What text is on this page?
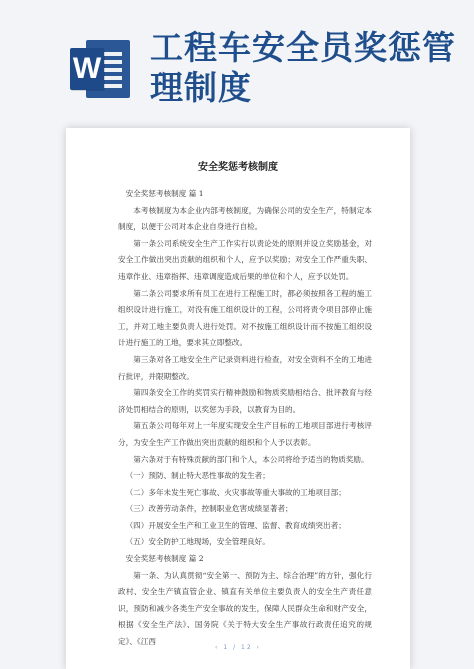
W
工程车安全员奖惩管理制度
安全奖惩考核制度

安全奖惩考核制度 篇 1

本考核制度为本企业内部考核制度，为确保公司的安全生产，特制定本制度，以便于公司对本企业自身进行自检。

第一条公司系统安全生产工作实行以责论处的原则并设立奖励基金，对安全工作做出突出贡献的组织和个人，应予以奖励；对安全工作严重失职、违章作业、违章指挥、违章调度造成后果的单位和个人，应予以处罚。

第二条公司要求所有员工在进行工程施工时，都必须按照各工程的施工组织设计进行施工，对没有施工组织设计的工程，公司将责令项目部停止施工，并对工地主要负责人进行处罚。对不按施工组织设计而不按施工组织设计进行施工的工地，要求其立即整改。

第三条对各工地安全生产记录资料进行检查，对安全资料不全的工地进行批评，并限期整改。

第四条安全工作的奖罚实行精神鼓励和物质奖励相结合、批评教育与经济处罚相结合的原则，以奖惩为手段，以教育为目的。

第五条公司每年对上一年度实现安全生产目标的工地项目部进行考核评分，为安全生产工作做出突出贡献的组织和个人予以表彰。

第六条对于有特殊贡献的部门和个人，本公司将给予适当的物质奖励。

（一）预防、制止特大恶性事故的发生者；

（二）多年未发生死亡事故、火灾事故等重大事故的工地项目部；

（三）改善劳动条件，控制职业危害成绩显著者；

（四）开展安全生产和工业卫生的管理、监督、教育成绩突出者；

（五）安全防护工地现场，安全管理良好。

安全奖惩考核制度 篇 2

第一条、为认真贯彻“安全第一、预防为主、综合治理”的方针，强化行政村、安全生产镇直管企业、镇直有关单位主要负责人的安全生产责任意识，预防和减少各类生产安全事故的发生，保障人民群众生命和财产安全，根据《安全生产法》、国务院《关于特大安全生产事故行政责任追究的规定》、《江西

‹ 1 / 12 ›
